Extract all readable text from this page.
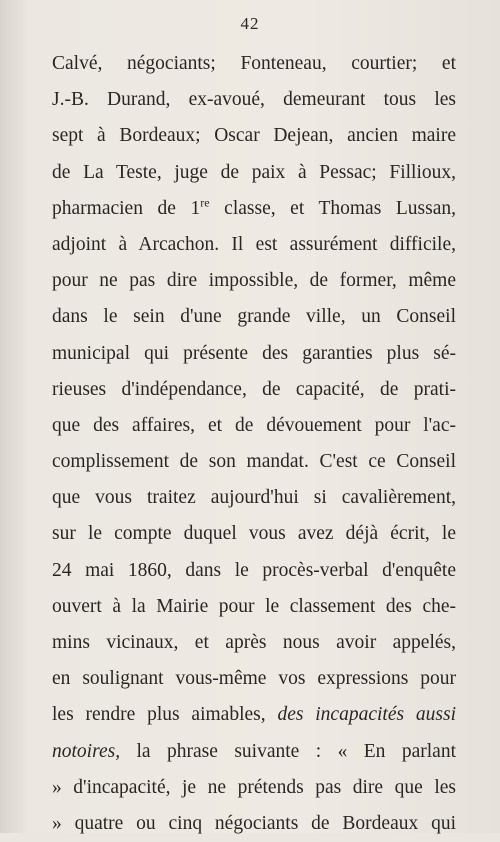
42
Calvé, négociants; Fonteneau, courtier; et
J.-B. Durand, ex-avoué, demeurant tous les
sept à Bordeaux; Oscar Dejean, ancien maire
de La Teste, juge de paix à Pessac; Fillioux,
pharmacien de 1re classe, et Thomas Lussan,
adjoint à Arcachon. Il est assurément difficile,
pour ne pas dire impossible, de former, même
dans le sein d'une grande ville, un Conseil
municipal qui présente des garanties plus sé-
rieuses d'indépendance, de capacité, de prati-
que des affaires, et de dévouement pour l'ac-
complissement de son mandat. C'est ce Conseil
que vous traitez aujourd'hui si cavalièrement,
sur le compte duquel vous avez déjà écrit, le
24 mai 1860, dans le procès-verbal d'enquête
ouvert à la Mairie pour le classement des che-
mins vicinaux, et après nous avoir appelés,
en soulignant vous-même vos expressions pour
les rendre plus aimables, des incapacités aussi
notoires, la phrase suivante : « En parlant
» d'incapacité, je ne prétends pas dire que les
» quatre ou cinq négociants de Bordeaux qui
